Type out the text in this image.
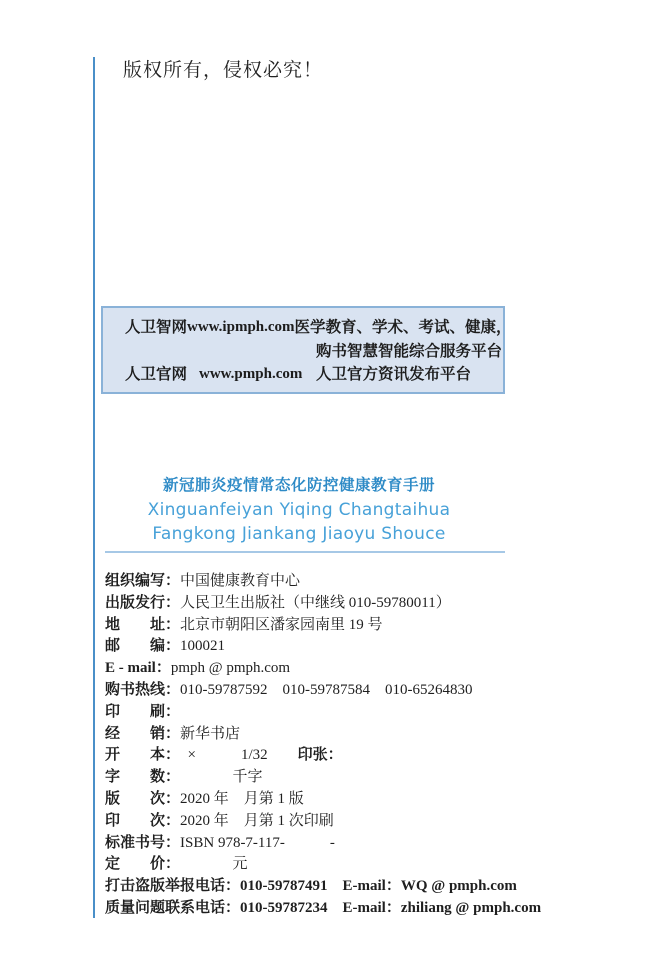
版权所有，侵权必究！
人卫智网 www.ipmph.com 医学教育、学术、考试、健康，
购书智慧智能综合服务平台
人卫官网 www.pmph.com 人卫官方资讯发布平台
新冠肺炎疫情常态化防控健康教育手册
Xinguanfeiyan Yiqing Changtaihua
Fangkong Jiankang Jiaoyu Shouce
组织编写：中国健康教育中心
出版发行：人民卫生出版社（中继线 010-59780011）
地　　址：北京市朝阳区潘家园南里 19 号
邮　　编：100021
E - mail：pmph @ pmph.com
购书热线：010-59787592　010-59787584　010-65264830
印　　刷：
经　　销：新华书店
开　　本：　×　　　1/32　　印张：
字　　数：　　　　千字
版　　次：2020 年　月第 1 版
印　　次：2020 年　月第 1 次印刷
标准书号：ISBN 978-7-117-　　　-
定　　价：　　　　元
打击盗版举报电话：010-59787491　E-mail：WQ @ pmph.com
质量问题联系电话：010-59787234　E-mail：zhiliang @ pmph.com
